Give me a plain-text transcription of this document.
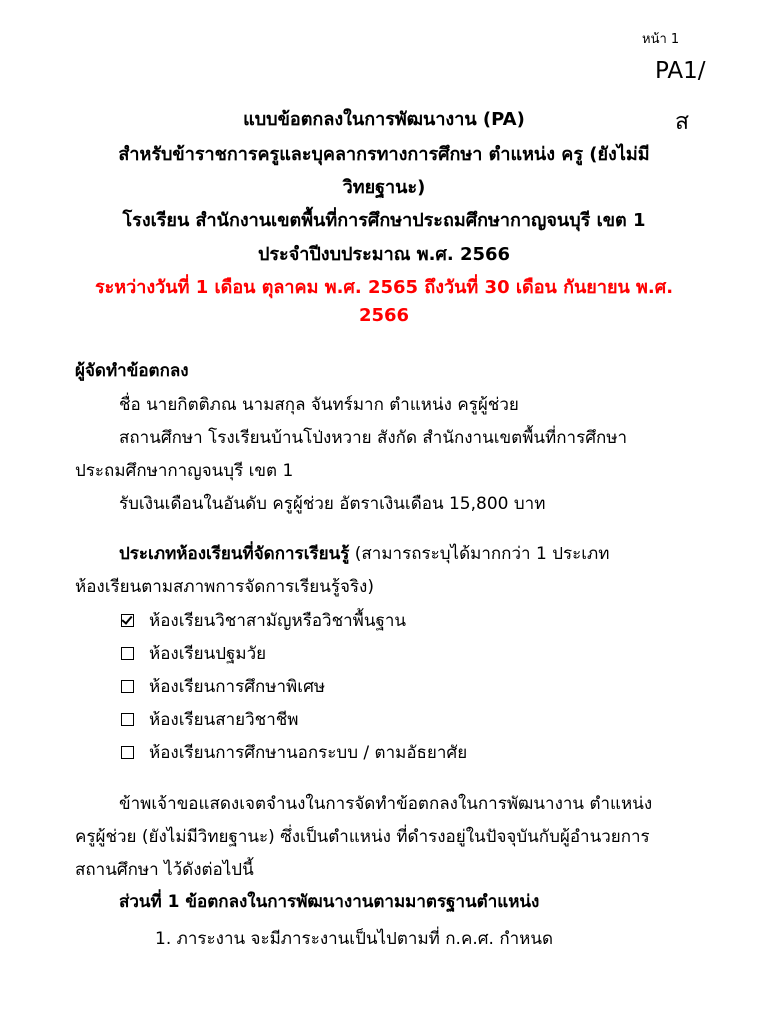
หน้า 1
PA1/
ส
แบบข้อตกลงในการพัฒนางาน (PA)
สำหรับข้าราชการครูและบุคลากรทางการศึกษา ตำแหน่ง ครู (ยังไม่มี
วิทยฐานะ)
โรงเรียน สำนักงานเขตพื้นที่การศึกษาประถมศึกษากาญจนบุรี เขต 1
ประจำปีงบประมาณ พ.ศ. 2566
ระหว่างวันที่ 1 เดือน ตุลาคม พ.ศ. 2565 ถึงวันที่ 30 เดือน กันยายน พ.ศ.
2566
ผู้จัดทำข้อตกลง
ชื่อ นายกิตติภณ นามสกุล จันทร์มาก ตำแหน่ง ครูผู้ช่วย
สถานศึกษา โรงเรียนบ้านโป่งหวาย สังกัด สำนักงานเขตพื้นที่การศึกษา
ประถมศึกษากาญจนบุรี เขต 1
รับเงินเดือนในอันดับ ครูผู้ช่วย อัตราเงินเดือน 15,800 บาท
ประเภทห้องเรียนที่จัดการเรียนรู้ (สามารถระบุได้มากกว่า 1 ประเภท
ห้องเรียนตามสภาพการจัดการเรียนรู้จริง)
ห้องเรียนวิชาสามัญหรือวิชาพื้นฐาน
ห้องเรียนปฐมวัย
ห้องเรียนการศึกษาพิเศษ
ห้องเรียนสายวิชาชีพ
ห้องเรียนการศึกษานอกระบบ / ตามอัธยาศัย
ข้าพเจ้าขอแสดงเจตจำนงในการจัดทำข้อตกลงในการพัฒนางาน ตำแหน่ง
ครูผู้ช่วย (ยังไม่มีวิทยฐานะ) ซึ่งเป็นตำแหน่ง ที่ดำรงอยู่ในปัจจุบันกับผู้อำนวยการ
สถานศึกษา ไว้ดังต่อไปนี้
ส่วนที่ 1 ข้อตกลงในการพัฒนางานตามมาตรฐานตำแหน่ง
1. ภาระงาน จะมีภาระงานเป็นไปตามที่ ก.ค.ศ. กำหนด
